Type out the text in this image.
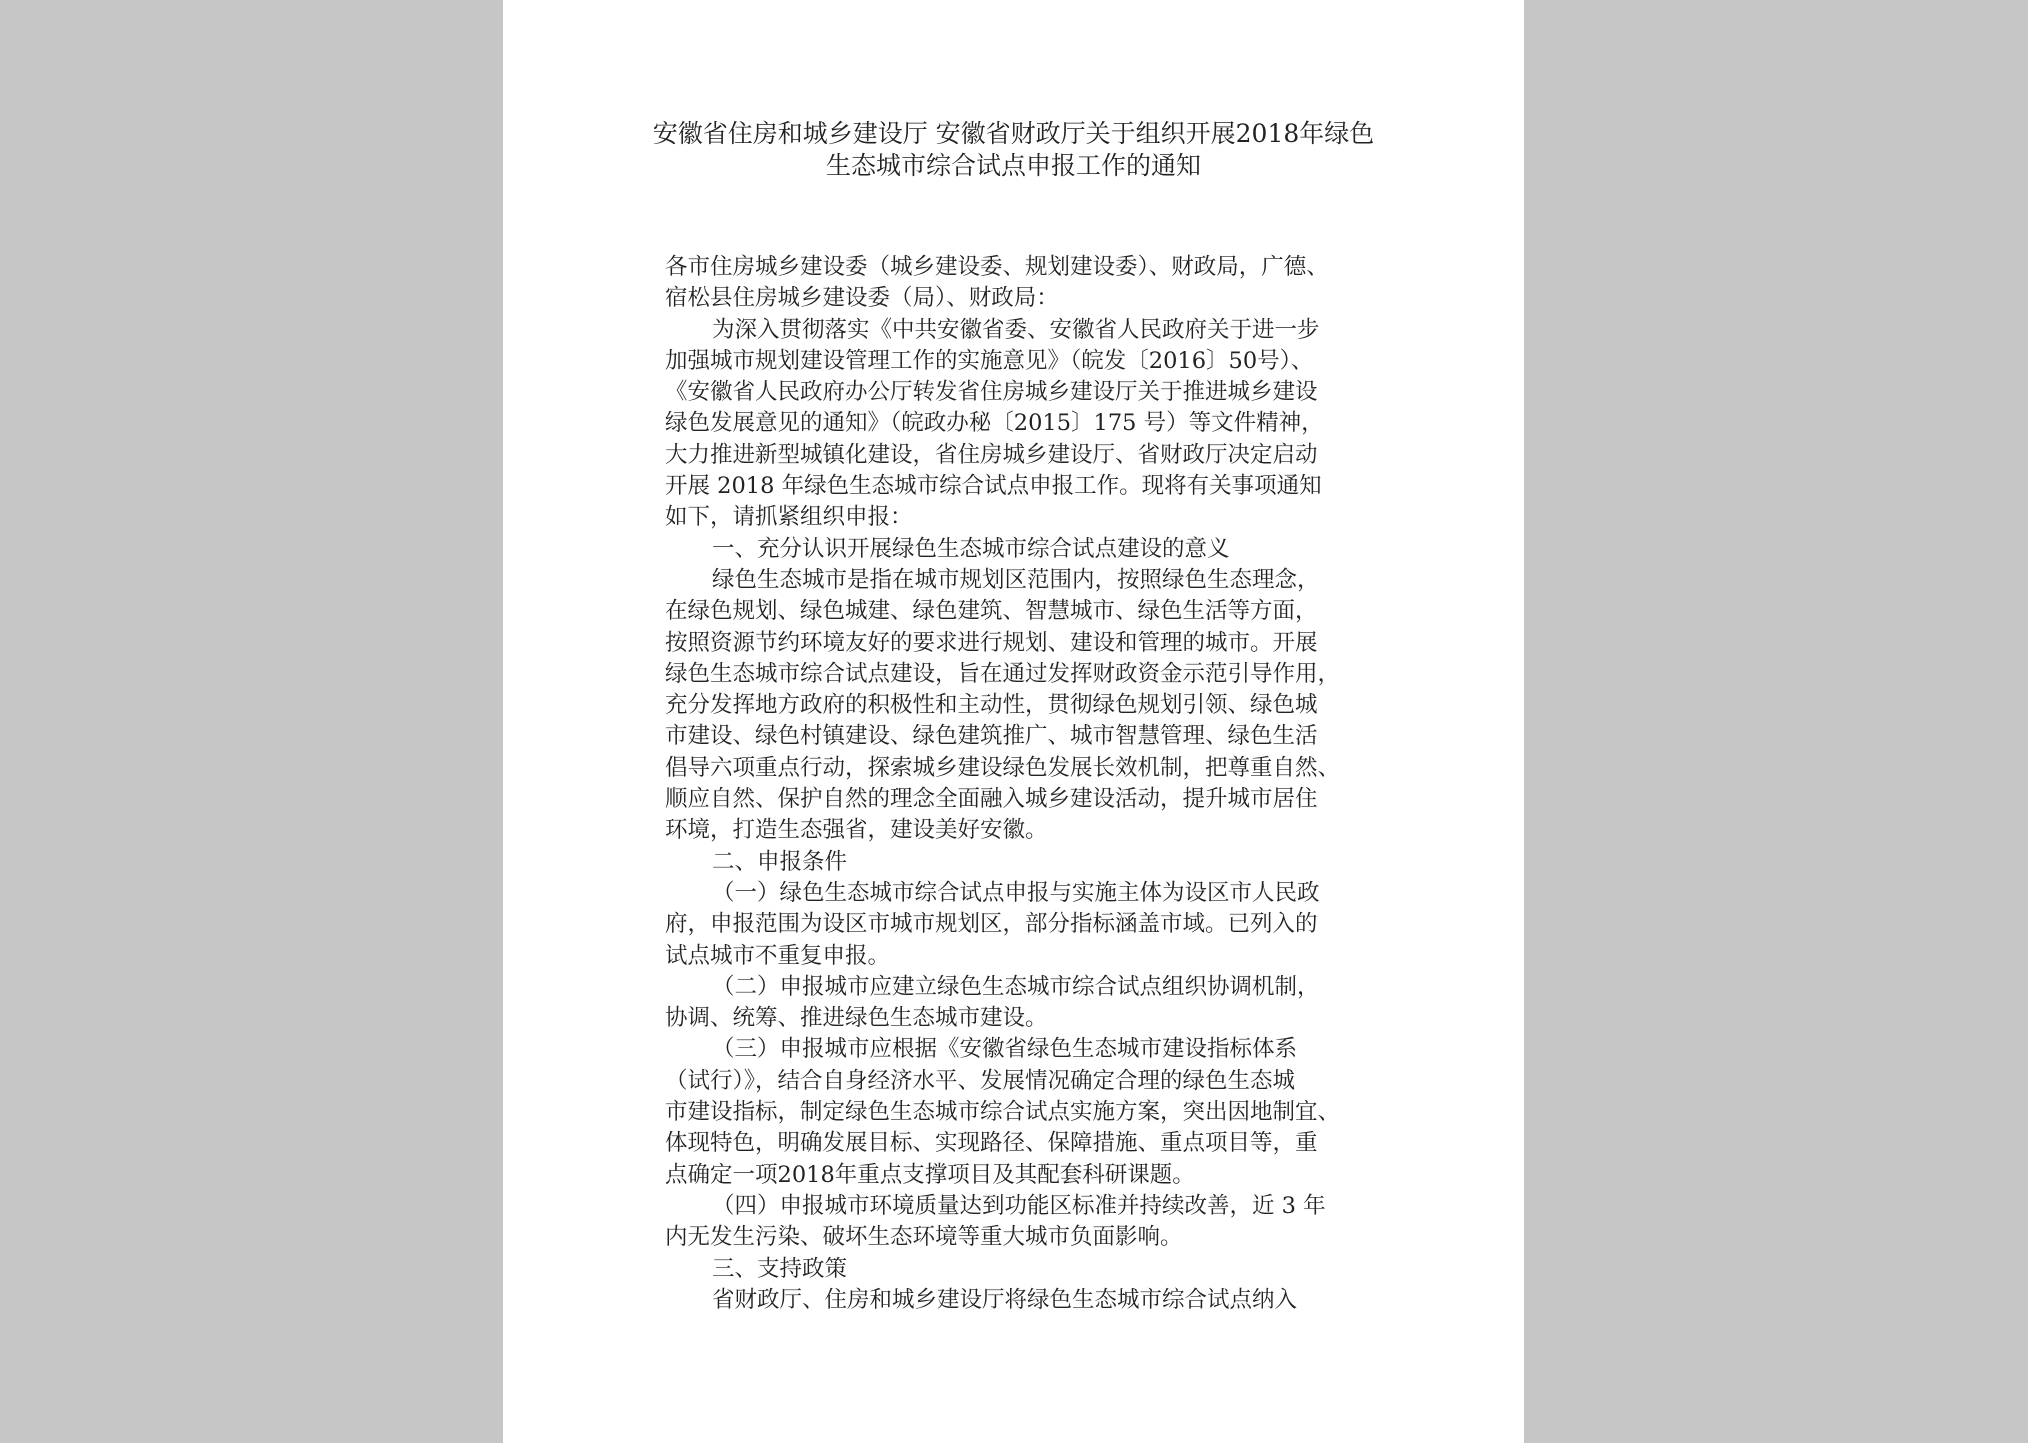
安徽省住房和城乡建设厅 安徽省财政厅关于组织开展2018年绿色
生态城市综合试点申报工作的通知
各市住房城乡建设委（城乡建设委、规划建设委）、财政局，广德、
宿松县住房城乡建设委（局）、财政局：
为深入贯彻落实《中共安徽省委、安徽省人民政府关于进一步
加强城市规划建设管理工作的实施意见》（皖发〔2016〕50号）、
《安徽省人民政府办公厅转发省住房城乡建设厅关于推进城乡建设
绿色发展意见的通知》（皖政办秘〔2015〕175 号）等文件精神，
大力推进新型城镇化建设，省住房城乡建设厅、省财政厅决定启动
开展 2018 年绿色生态城市综合试点申报工作。现将有关事项通知
如下，请抓紧组织申报：
一、充分认识开展绿色生态城市综合试点建设的意义
绿色生态城市是指在城市规划区范围内，按照绿色生态理念，
在绿色规划、绿色城建、绿色建筑、智慧城市、绿色生活等方面，
按照资源节约环境友好的要求进行规划、建设和管理的城市。开展
绿色生态城市综合试点建设，旨在通过发挥财政资金示范引导作用，
充分发挥地方政府的积极性和主动性，贯彻绿色规划引领、绿色城
市建设、绿色村镇建设、绿色建筑推广、城市智慧管理、绿色生活
倡导六项重点行动，探索城乡建设绿色发展长效机制，把尊重自然、
顺应自然、保护自然的理念全面融入城乡建设活动，提升城市居住
环境，打造生态强省，建设美好安徽。
二、申报条件
（一）绿色生态城市综合试点申报与实施主体为设区市人民政
府，申报范围为设区市城市规划区，部分指标涵盖市域。已列入的
试点城市不重复申报。
（二）申报城市应建立绿色生态城市综合试点组织协调机制，
协调、统筹、推进绿色生态城市建设。
（三）申报城市应根据《安徽省绿色生态城市建设指标体系
（试行）》，结合自身经济水平、发展情况确定合理的绿色生态城
市建设指标，制定绿色生态城市综合试点实施方案，突出因地制宜、
体现特色，明确发展目标、实现路径、保障措施、重点项目等，重
点确定一项2018年重点支撑项目及其配套科研课题。
（四）申报城市环境质量达到功能区标准并持续改善，近 3 年
内无发生污染、破坏生态环境等重大城市负面影响。
三、支持政策
省财政厅、住房和城乡建设厅将绿色生态城市综合试点纳入
